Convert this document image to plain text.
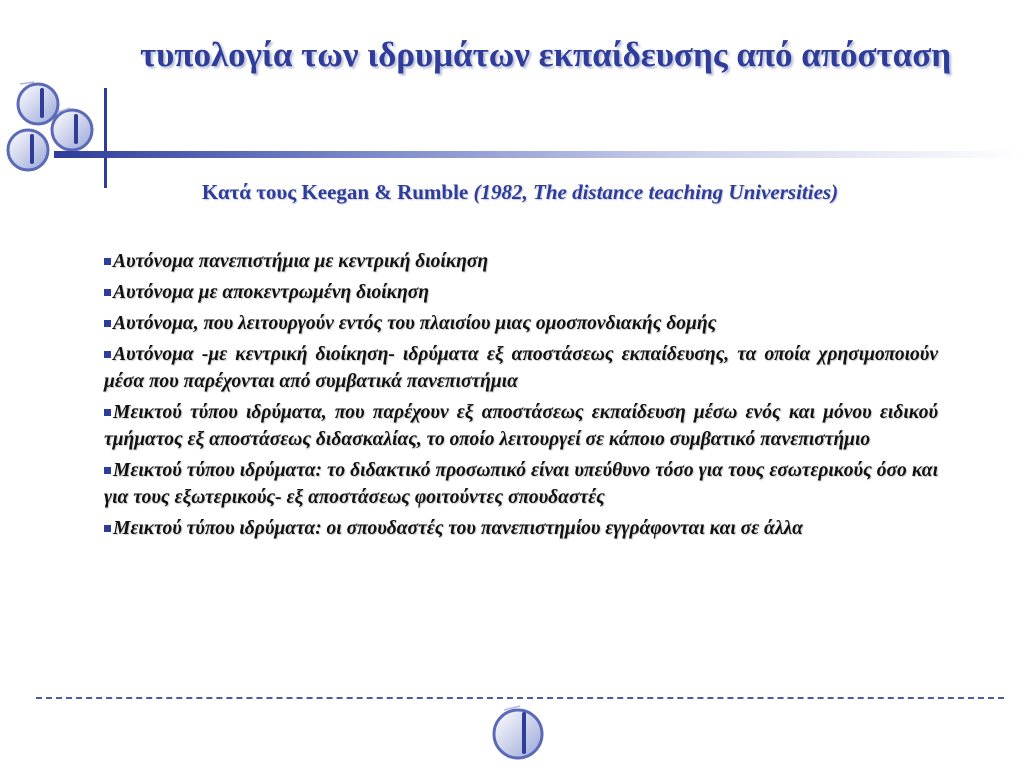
τυπολογία των ιδρυμάτων εκπαίδευσης από απόσταση
Κατά τους Keegan & Rumble (1982, The distance teaching Universities)
Αυτόνομα πανεπιστήμια με κεντρική διοίκηση
Αυτόνομα με αποκεντρωμένη διοίκηση
Αυτόνομα, που λειτουργούν εντός του πλαισίου μιας ομοσπονδιακής δομής
Αυτόνομα -με κεντρική διοίκηση- ιδρύματα εξ αποστάσεως εκπαίδευσης, τα οποία χρησιμοποιούν μέσα που παρέχονται από συμβατικά πανεπιστήμια
Μεικτού τύπου ιδρύματα, που παρέχουν εξ αποστάσεως εκπαίδευση μέσω ενός και μόνου ειδικού τμήματος εξ αποστάσεως διδασκαλίας, το οποίο λειτουργεί σε κάποιο συμβατικό πανεπιστήμιο
Μεικτού τύπου ιδρύματα: το διδακτικό προσωπικό είναι υπεύθυνο τόσο για τους εσωτερικούς όσο και για τους εξωτερικούς- εξ αποστάσεως φοιτούντες σπουδαστές
Μεικτού τύπου ιδρύματα: οι σπουδαστές του πανεπιστημίου εγγράφονται και σε άλλα
